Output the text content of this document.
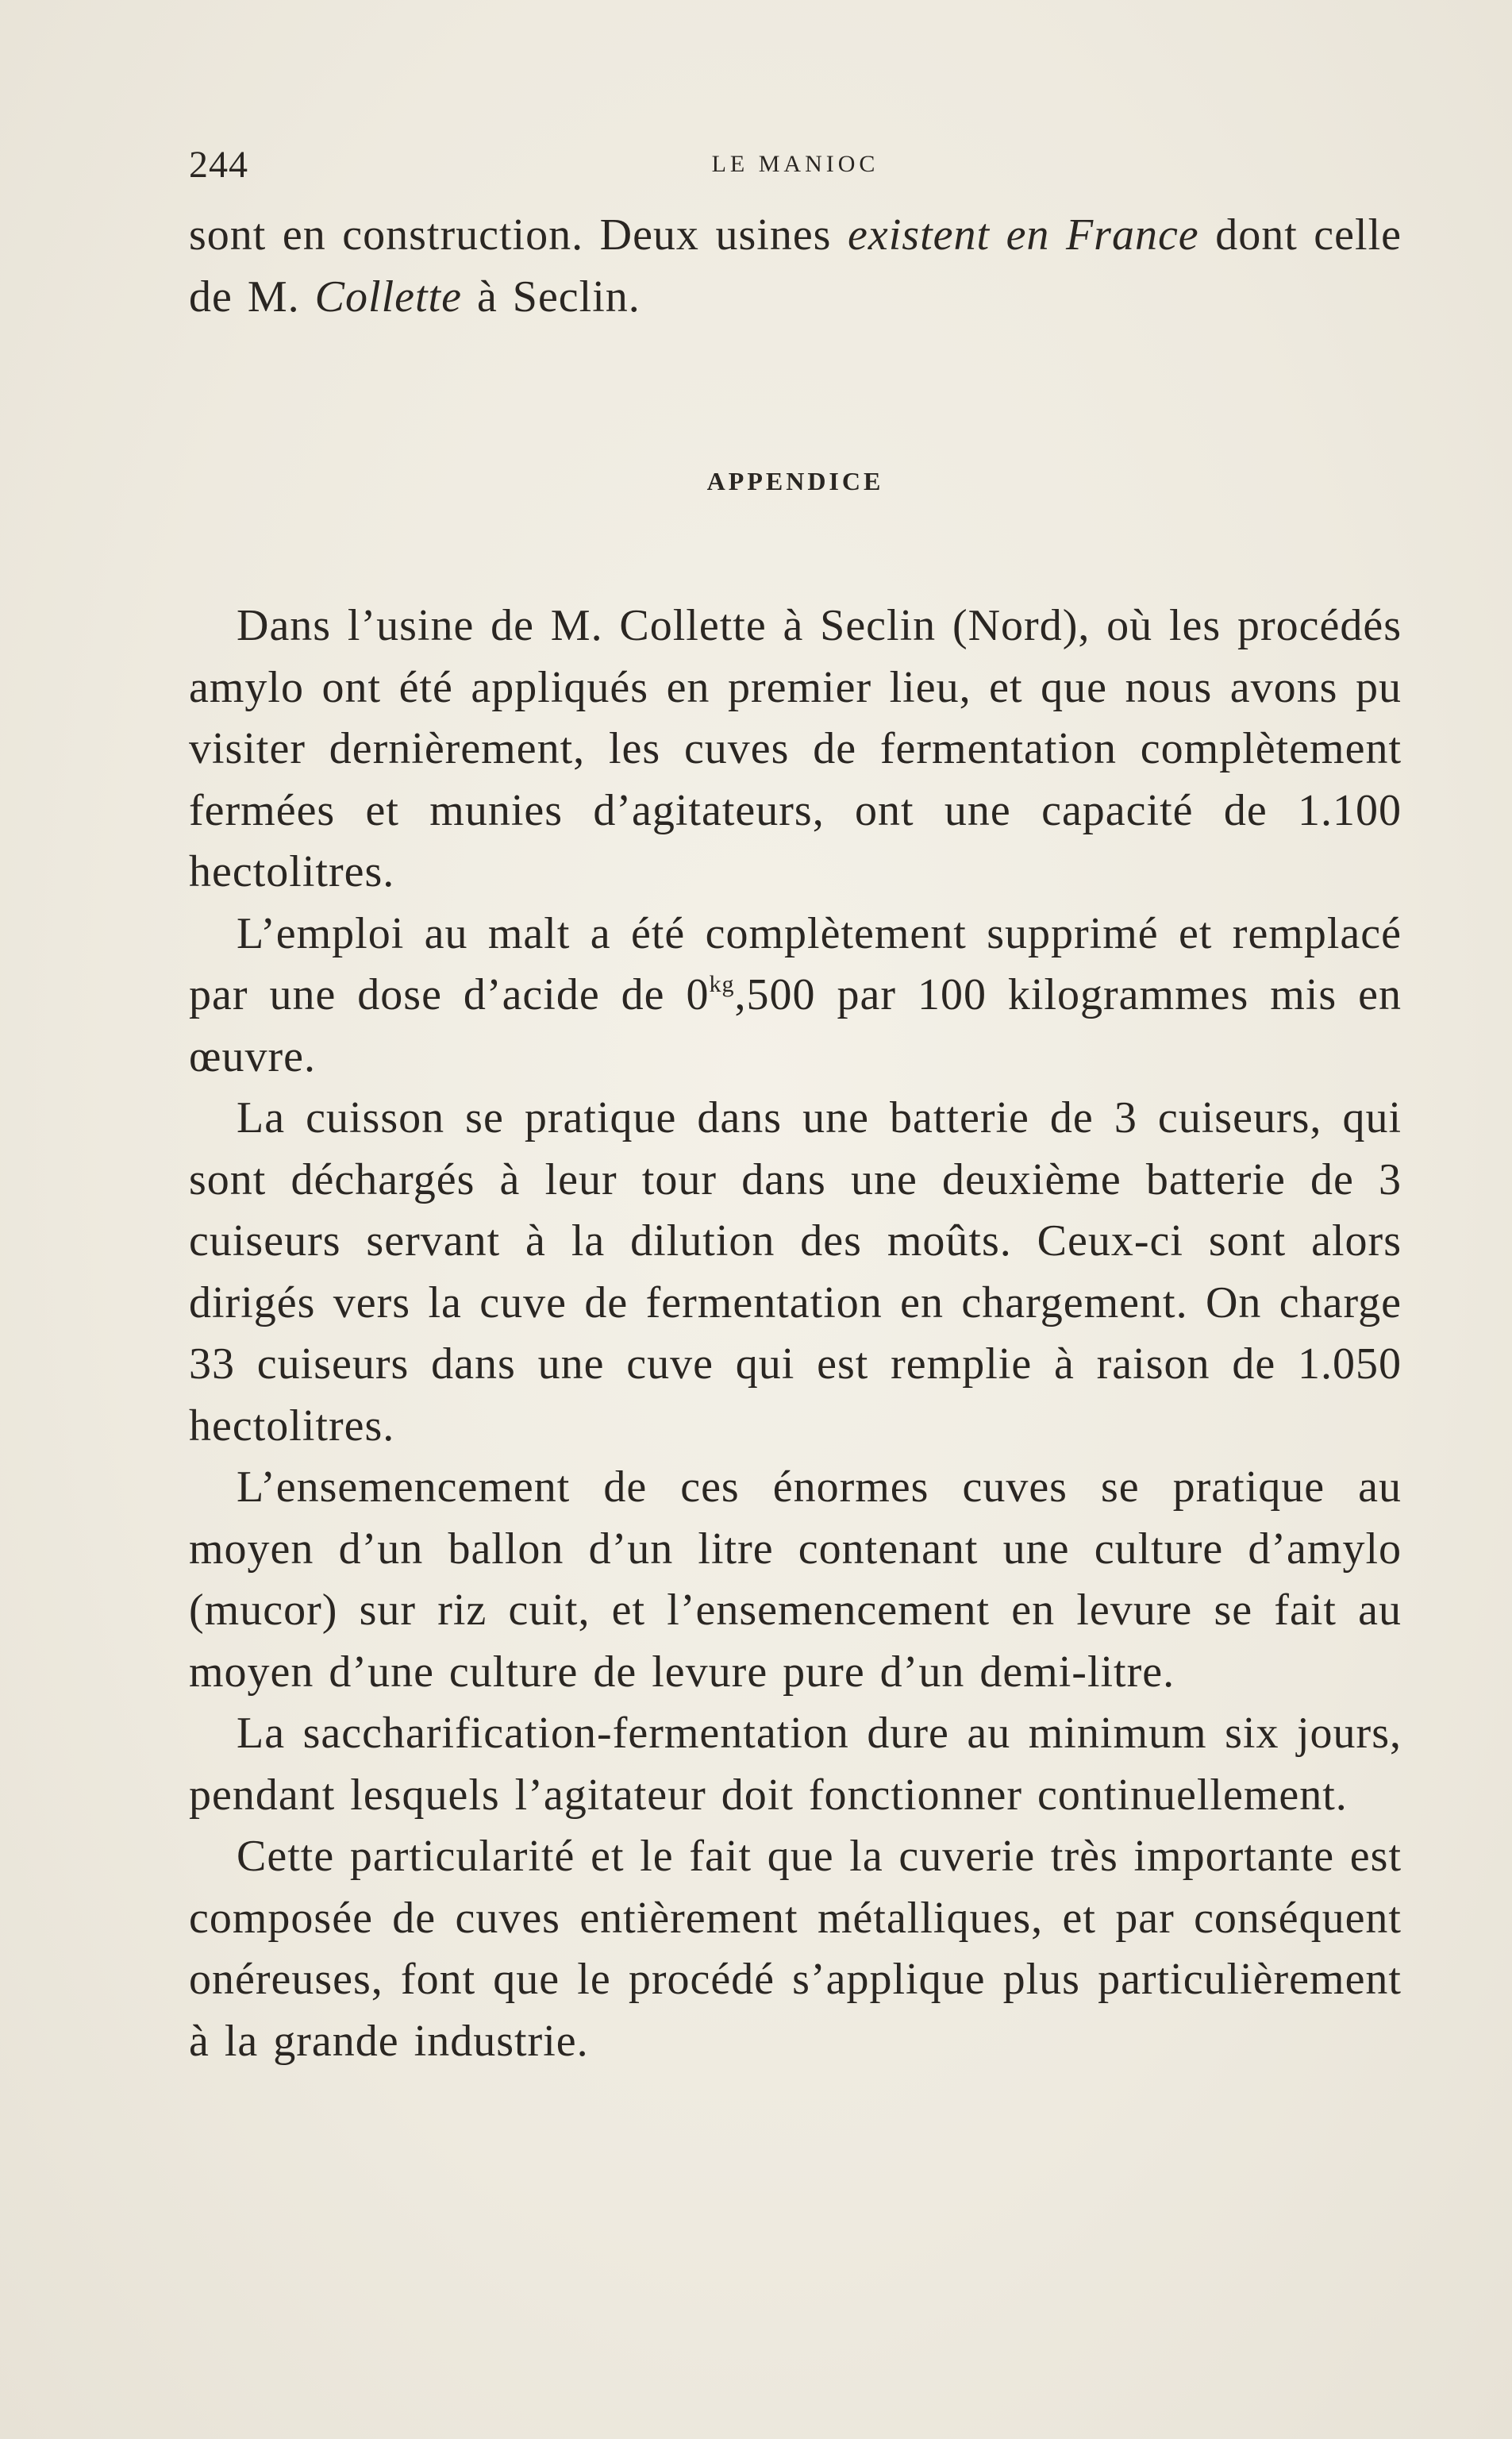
244	LE MANIOC

sont en construction. Deux usines existent en France dont celle de M. Collette à Seclin.

APPENDICE

Dans l’usine de M. Collette à Seclin (Nord), où les procédés amylo ont été appliqués en premier lieu, et que nous avons pu visiter dernièrement, les cuves de fermentation complètement fermées et munies d’agitateurs, ont une capacité de 1.100 hectolitres.

L’emploi au malt a été complètement supprimé et remplacé par une dose d’acide de $0^{kg},500$ par 100 kilogrammes mis en œuvre.

La cuisson se pratique dans une batterie de 3 cuiseurs, qui sont déchargés à leur tour dans une deuxième batterie de 3 cuiseurs servant à la dilution des moûts. Ceux-ci sont alors dirigés vers la cuve de fermentation en chargement. On charge 33 cuiseurs dans une cuve qui est remplie à raison de 1.050 hectolitres.

L’ensemencement de ces énormes cuves se pratique au moyen d’un ballon d’un litre contenant une culture d’amylo (mucor) sur riz cuit, et l’ensemencement en levure se fait au moyen d’une culture de levure pure d’un demi-litre.

La saccharification-fermentation dure au minimum six jours, pendant lesquels l’agitateur doit fonctionner continuellement.

Cette particularité et le fait que la cuverie très importante est composée de cuves entièrement métalliques, et par conséquent onéreuses, font que le procédé s’applique plus particulièrement à la grande industrie.
